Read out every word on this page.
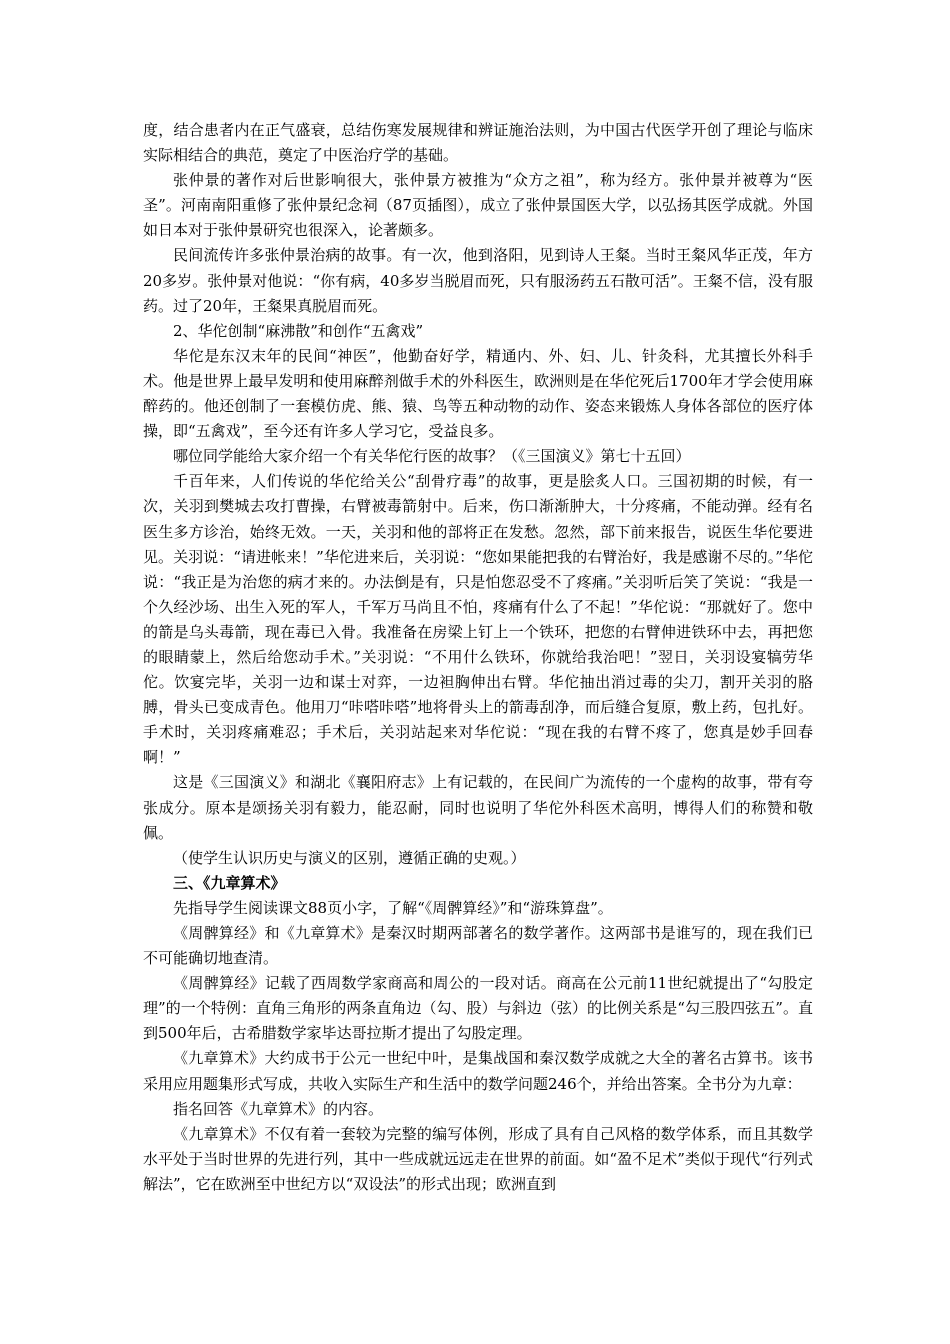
度，结合患者内在正气盛衰，总结伤寒发展规律和辨证施治法则，为中国古代医学开创了理论与临床实际相结合的典范，奠定了中医治疗学的基础。

张仲景的著作对后世影响很大，张仲景方被推为“众方之祖”，称为经方。张仲景并被尊为“医圣”。河南南阳重修了张仲景纪念祠（87页插图），成立了张仲景国医大学，以弘扬其医学成就。外国如日本对于张仲景研究也很深入，论著颇多。

民间流传许多张仲景治病的故事。有一次，他到洛阳，见到诗人王粲。当时王粲风华正茂，年方20多岁。张仲景对他说：“你有病，40多岁当脱眉而死，只有服汤药五石散可活”。王粲不信，没有服药。过了20年，王粲果真脱眉而死。

2、华佗创制“麻沸散”和创作“五禽戏”

华佗是东汉末年的民间“神医”，他勤奋好学，精通内、外、妇、儿、针灸科，尤其擅长外科手术。他是世界上最早发明和使用麻醉剂做手术的外科医生，欧洲则是在华佗死后1700年才学会使用麻醉药的。他还创制了一套模仿虎、熊、猿、鸟等五种动物的动作、姿态来锻炼人身体各部位的医疗体操，即“五禽戏”，至今还有许多人学习它，受益良多。

哪位同学能给大家介绍一个有关华佗行医的故事？（《三国演义》第七十五回）

千百年来，人们传说的华佗给关公“刮骨疗毒”的故事，更是脍炙人口。三国初期的时候，有一次，关羽到樊城去攻打曹操，右臂被毒箭射中。后来，伤口渐渐肿大，十分疼痛，不能动弹。经有名医生多方诊治，始终无效。一天，关羽和他的部将正在发愁。忽然，部下前来报告，说医生华佗要进见。关羽说：“请进帐来！”华佗进来后，关羽说：“您如果能把我的右臂治好，我是感谢不尽的。”华佗说：“我正是为治您的病才来的。办法倒是有，只是怕您忍受不了疼痛。”关羽听后笑了笑说：“我是一个久经沙场、出生入死的军人，千军万马尚且不怕，疼痛有什么了不起！”华佗说：“那就好了。您中的箭是乌头毒箭，现在毒已入骨。我准备在房梁上钉上一个铁环，把您的右臂伸进铁环中去，再把您的眼睛蒙上，然后给您动手术。”关羽说：“不用什么铁环，你就给我治吧！”翌日，关羽设宴犒劳华佗。饮宴完毕，关羽一边和谋士对弈，一边袒胸伸出右臂。华佗抽出消过毒的尖刀，割开关羽的胳膊，骨头已变成青色。他用刀“咔嗒咔嗒”地将骨头上的箭毒刮净，而后缝合复原，敷上药，包扎好。手术时，关羽疼痛难忍；手术后，关羽站起来对华佗说：“现在我的右臂不疼了，您真是妙手回春啊！”

这是《三国演义》和湖北《襄阳府志》上有记载的，在民间广为流传的一个虚构的故事，带有夸张成分。原本是颂扬关羽有毅力，能忍耐，同时也说明了华佗外科医术高明，博得人们的称赞和敬佩。

（使学生认识历史与演义的区别，遵循正确的史观。）

三、《九章算术》

先指导学生阅读课文88页小字，了解“《周髀算经》”和“游珠算盘”。

《周髀算经》和《九章算术》是秦汉时期两部著名的数学著作。这两部书是谁写的，现在我们已不可能确切地查清。

《周髀算经》记载了西周数学家商高和周公的一段对话。商高在公元前11世纪就提出了“勾股定理”的一个特例：直角三角形的两条直角边（勾、股）与斜边（弦）的比例关系是“勾三股四弦五”。直到500年后，古希腊数学家毕达哥拉斯才提出了勾股定理。

《九章算术》大约成书于公元一世纪中叶，是集战国和秦汉数学成就之大全的著名古算书。该书采用应用题集形式写成，共收入实际生产和生活中的数学问题246个，并给出答案。全书分为九章：

指名回答《九章算术》的内容。

《九章算术》不仅有着一套较为完整的编写体例，形成了具有自己风格的数学体系，而且其数学水平处于当时世界的先进行列，其中一些成就远远走在世界的前面。如“盈不足术”类似于现代“行列式解法”，它在欧洲至中世纪方以“双设法”的形式出现；欧洲直到
